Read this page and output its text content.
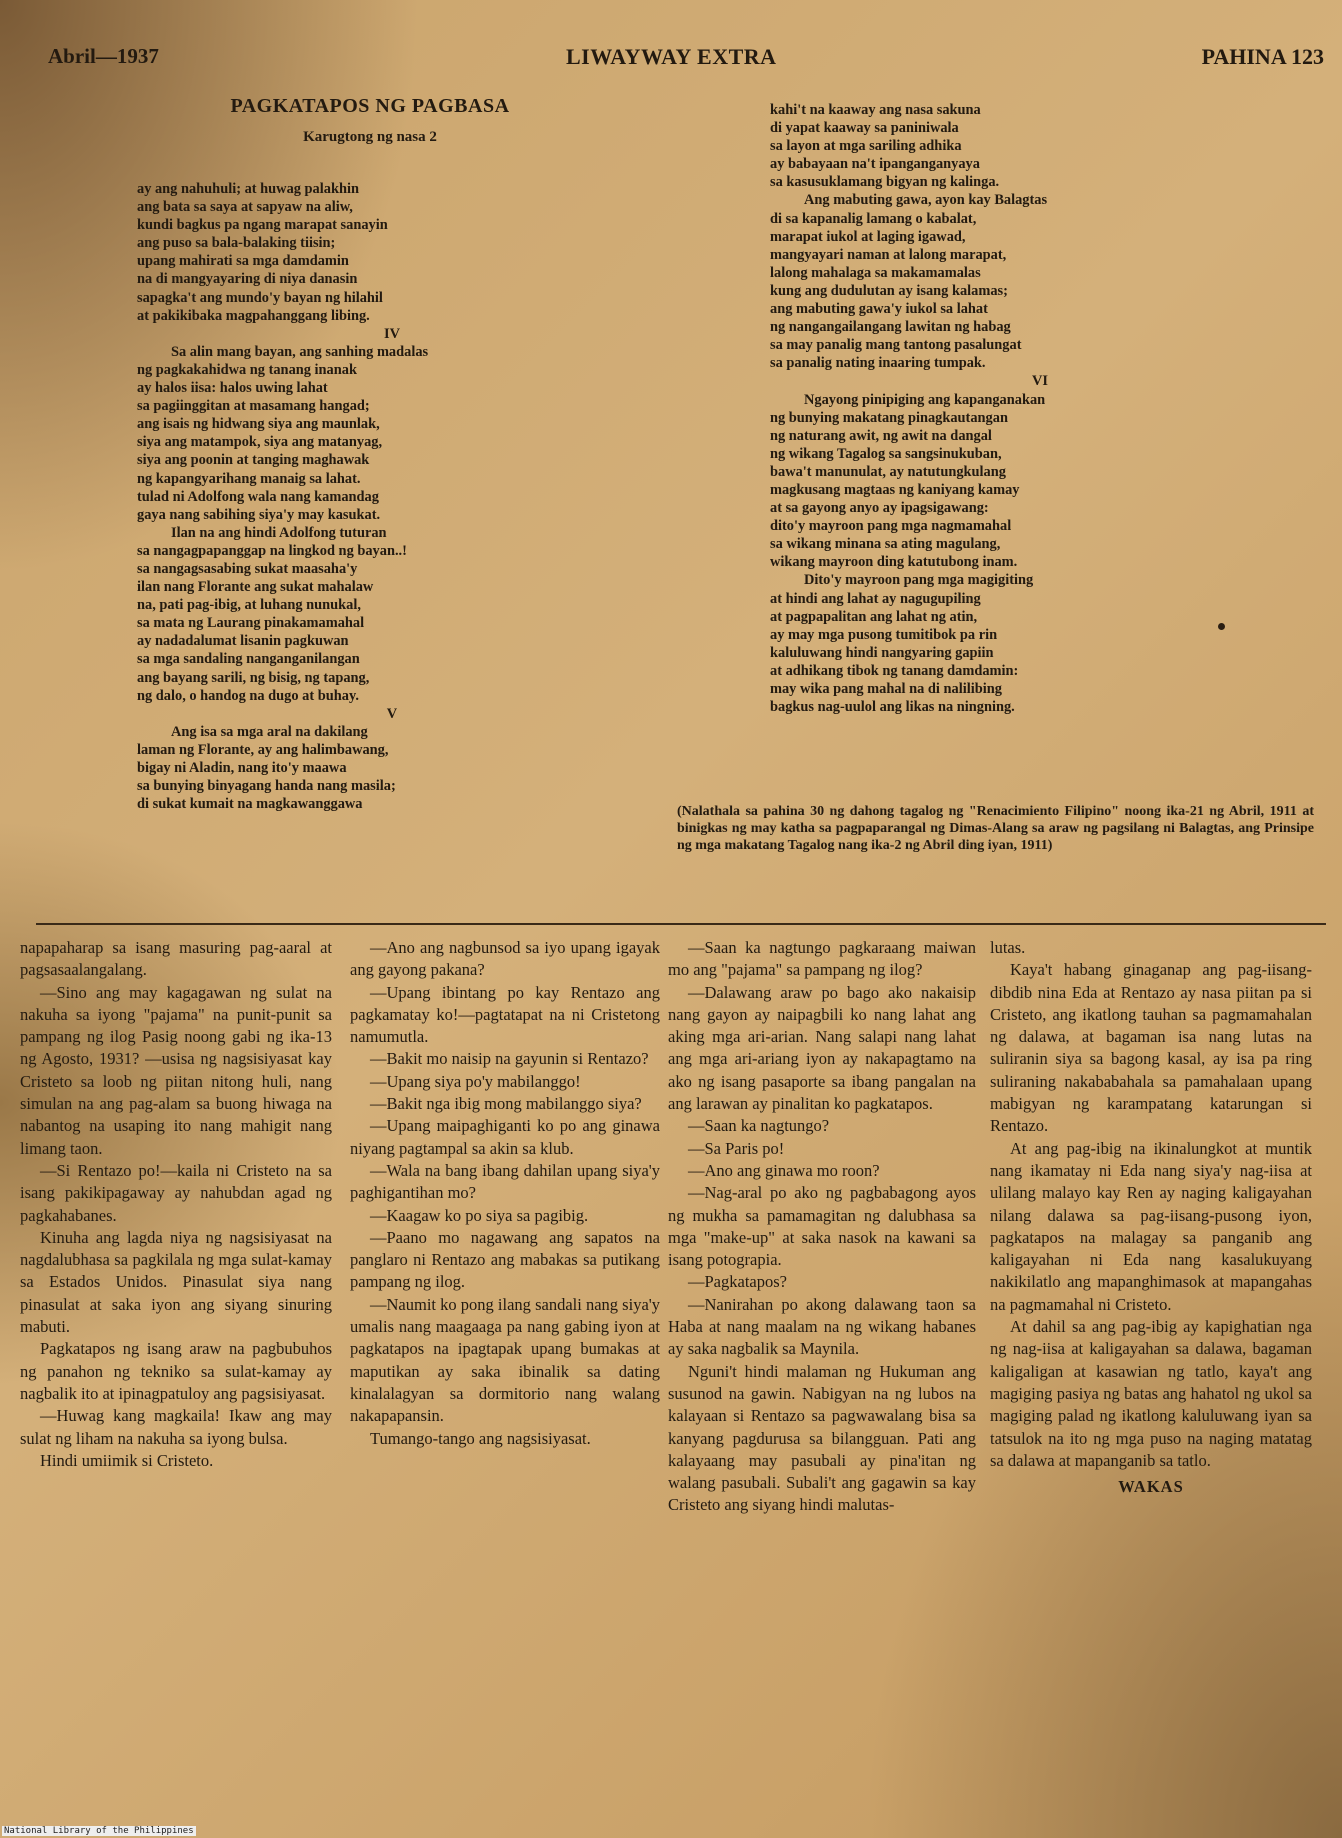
Abril—1937	LIWAYWAY EXTRA	PAHINA 123
PAGKATAPOS NG PAGBASA
Karugtong ng nasa 2
ay ang nahuhuli; at huwag palakhin
ang bata sa saya at sapyaw na aliw,
kundi bagkus pa ngang marapat sanayin
ang puso sa bala-balaking tiisin;
upang mahirati sa mga damdamin
na di mangyayaring di niya danasin
sapagka't ang mundo'y bayan ng hilahil
at pakikibaka magpahanggang libing.
IV
Sa alin mang bayan, ang sanhing madalas
ng pagkakahidwa ng tanang inanak
ay halos iisa: halos uwing lahat
sa pagiinggitan at masamang hangad;
ang isais ng hidwang siya ang maunlak,
siya ang matampok, siya ang matanyag,
siya ang poonin at tanging maghawak
ng kapangyarihang manaig sa lahat.
tulad ni Adolfong wala nang kamandag
gaya nang sabihing siya'y may kasukat.
Ilan na ang hindi Adolfong tuturan
sa nangagpapanggap na lingkod ng bayan..!
sa nangagsasabing sukat maasaha'y
ilan nang Florante ang sukat mahalaw
na, pati pag-ibig, at luhang nunukal,
sa mata ng Laurang pinakamamahal
ay nadadalumat lisanin pagkuwan
sa mga sandaling nanganganilangan
ang bayang sarili, ng bisig, ng tapang,
ng dalo, o handog na dugo at buhay.
V
Ang isa sa mga aral na dakilang
laman ng Florante, ay ang halimbawang,
bigay ni Aladin, nang ito'y maawa
sa bunying binyagang handa nang masila;
di sukat kumait na magkawanggawa
kahi't na kaaway ang nasa sakuna
di yapat kaaway sa paniniwala
sa layon at mga sariling adhika
ay babayaan na't ipanganganyaya
sa kasusuklamang bigyan ng kalinga.
Ang mabuting gawa, ayon kay Balagtas
di sa kapanalig lamang o kabalat,
marapat iukol at laging igawad,
mangyayari naman at lalong marapat,
lalong mahalaga sa makamamalas
kung ang dudulutan ay isang kalamas;
ang mabuting gawa'y iukol sa lahat
ng nangangailangang lawitan ng habag
sa may panalig mang tantong pasalungat
sa panalig nating inaaring tumpak.
VI
Ngayong pinipiging ang kapanganakan
ng bunying makatang pinagkautangan
ng naturang awit, ng awit na dangal
ng wikang Tagalog sa sangsinukuban,
bawa't manunulat, ay natutungkulang
magkusang magtaas ng kaniyang kamay
at sa gayong anyo ay ipagsigawang:
dito'y mayroon pang mga nagmamahal
sa wikang minana sa ating magulang,
wikang mayroon ding katutubong inam.
Dito'y mayroon pang mga magigiting
at hindi ang lahat ay nagugupiling
at pagpapalitan ang lahat ng atin,
ay may mga pusong tumitibok pa rin
kaluluwang hindi nangyaring gapiin
at adhikang tibok ng tanang damdamin:
may wika pang mahal na di nalilibing
bagkus nag-uulol ang likas na ningning.
(Nalathala sa pahina 30 ng dahong tagalog ng "Renacimiento Filipino" noong ika-21 ng Abril, 1911 at binigkas ng may katha sa pagpaparangal ng Dimas-Alang sa araw ng pagsilang ni Balagtas, ang Prinsipe ng mga makatang Tagalog nang ika-2 ng Abril ding iyan, 1911)

napapaharap sa isang masuring pag-aaral at pagsasaalangalang.

—Sino ang may kagagawan ng sulat na nakuha sa iyong "pajama" na punit-punit sa pampang ng ilog Pasig noong gabi ng ika-13 ng Agosto, 1931? —usisa ng nagsisiyasat kay Cristeto sa loob ng piitan nitong huli, nang simulan na ang pag-alam sa buong hiwaga na nabantog na usaping ito nang mahigit nang limang taon.

—Si Rentazo po!—kaila ni Cristeto na sa isang pakikipagaway ay nahubdan agad ng pagkahabanes.

Kinuha ang lagda niya ng nagsisiyasat na nagdalubhasa sa pagkilala ng mga sulat-kamay sa Estados Unidos. Pinasulat siya nang pinasulat at saka iyon ang siyang sinuring mabuti.

Pagkatapos ng isang araw na pagbubuhos ng panahon ng tekniko sa sulat-kamay ay nagbalik ito at ipinagpatuloy ang pagsisiyasat.

—Huwag kang magkaila! Ikaw ang may sulat ng liham na nakuha sa iyong bulsa.

Hindi umiimik si Cristeto.

—Ano ang nagbunsod sa iyo upang igayak ang gayong pakana?

—Upang ibintang po kay Rentazo ang pagkamatay ko!—pagtatapat na ni Cristetong namumutla.

—Bakit mo naisip na gayunin si Rentazo?

—Upang siya po'y mabilanggo!

—Bakit nga ibig mong mabilanggo siya?

—Upang maipaghiganti ko po ang ginawa niyang pagtampal sa akin sa klub.

—Wala na bang ibang dahilan upang siya'y paghigantihan mo?

—Kaagaw ko po siya sa pagibig.

—Paano mo nagawang ang sapatos na panglaro ni Rentazo ang mabakas sa putikang pampang ng ilog.

—Naumit ko pong ilang sandali nang siya'y umalis nang maagaaga pa nang gabing iyon at pagkatapos na ipagtapak upang bumakas at maputikan ay saka ibinalik sa dating kinalalagyan sa dormitorio nang walang nakapapansin.

Tumango-tango ang nagsisiyasat.

—Saan ka nagtungo pagkaraang maiwan mo ang "pajama" sa pampang ng ilog?

—Dalawang araw po bago ako nakaisip nang gayon ay naipagbili ko nang lahat ang aking mga ari-arian. Nang salapi nang lahat ang mga ari-ariang iyon ay nakapagtamo na ako ng isang pasaporte sa ibang pangalan na ang larawan ay pinalitan ko pagkatapos.

—Saan ka nagtungo?

—Sa Paris po!

—Ano ang ginawa mo roon?

—Nag-aral po ako ng pagbabagong ayos ng mukha sa pamamagitan ng dalubhasa sa mga "make-up" at saka nasok na kawani sa isang potograpia.

—Pagkatapos?

—Nanirahan po akong dalawang taon sa Haba at nang maalam na ng wikang habanes ay saka nagbalik sa Maynila.

Nguni't hindi malaman ng Hukuman ang susunod na gawin. Nabigyan na ng lubos na kalayaan si Rentazo sa pagwawalang bisa sa kanyang pagdurusa sa bilangguan. Pati ang kalayaang may pasubali ay pina'itan ng walang pasubali. Subali't ang gagawin sa kay Cristeto ang siyang hindi malutas-

lutas.

Kaya't habang ginaganap ang pag-iisang-dibdib nina Eda at Rentazo ay nasa piitan pa si Cristeto, ang ikatlong tauhan sa pagmamahalan ng dalawa, at bagaman isa nang lutas na suliranin siya sa bagong kasal, ay isa pa ring suliraning nakababahala sa pamahalaan upang mabigyan ng karampatang katarungan si Rentazo.

At ang pag-ibig na ikinalungkot at muntik nang ikamatay ni Eda nang siya'y nag-iisa at ulilang malayo kay Ren ay naging kaligayahan nilang dalawa sa pag-iisang-pusong iyon, pagkatapos na malagay sa panganib ang kaligayahan ni Eda nang kasalukuyang nakikilatlo ang mapanghimasok at mapangahas na pagmamahal ni Cristeto.

At dahil sa ang pag-ibig ay kapighatian nga ng nag-iisa at kaligayahan sa dalawa, bagaman kaligaligan at kasawian ng tatlo, kaya't ang magiging pasiya ng batas ang hahatol ng ukol sa magiging palad ng ikatlong kaluluwang iyan sa tatsulok na ito ng mga puso na naging matatag sa dalawa at mapanganib sa tatlo.

WAKAS
National Library of the Philippines
